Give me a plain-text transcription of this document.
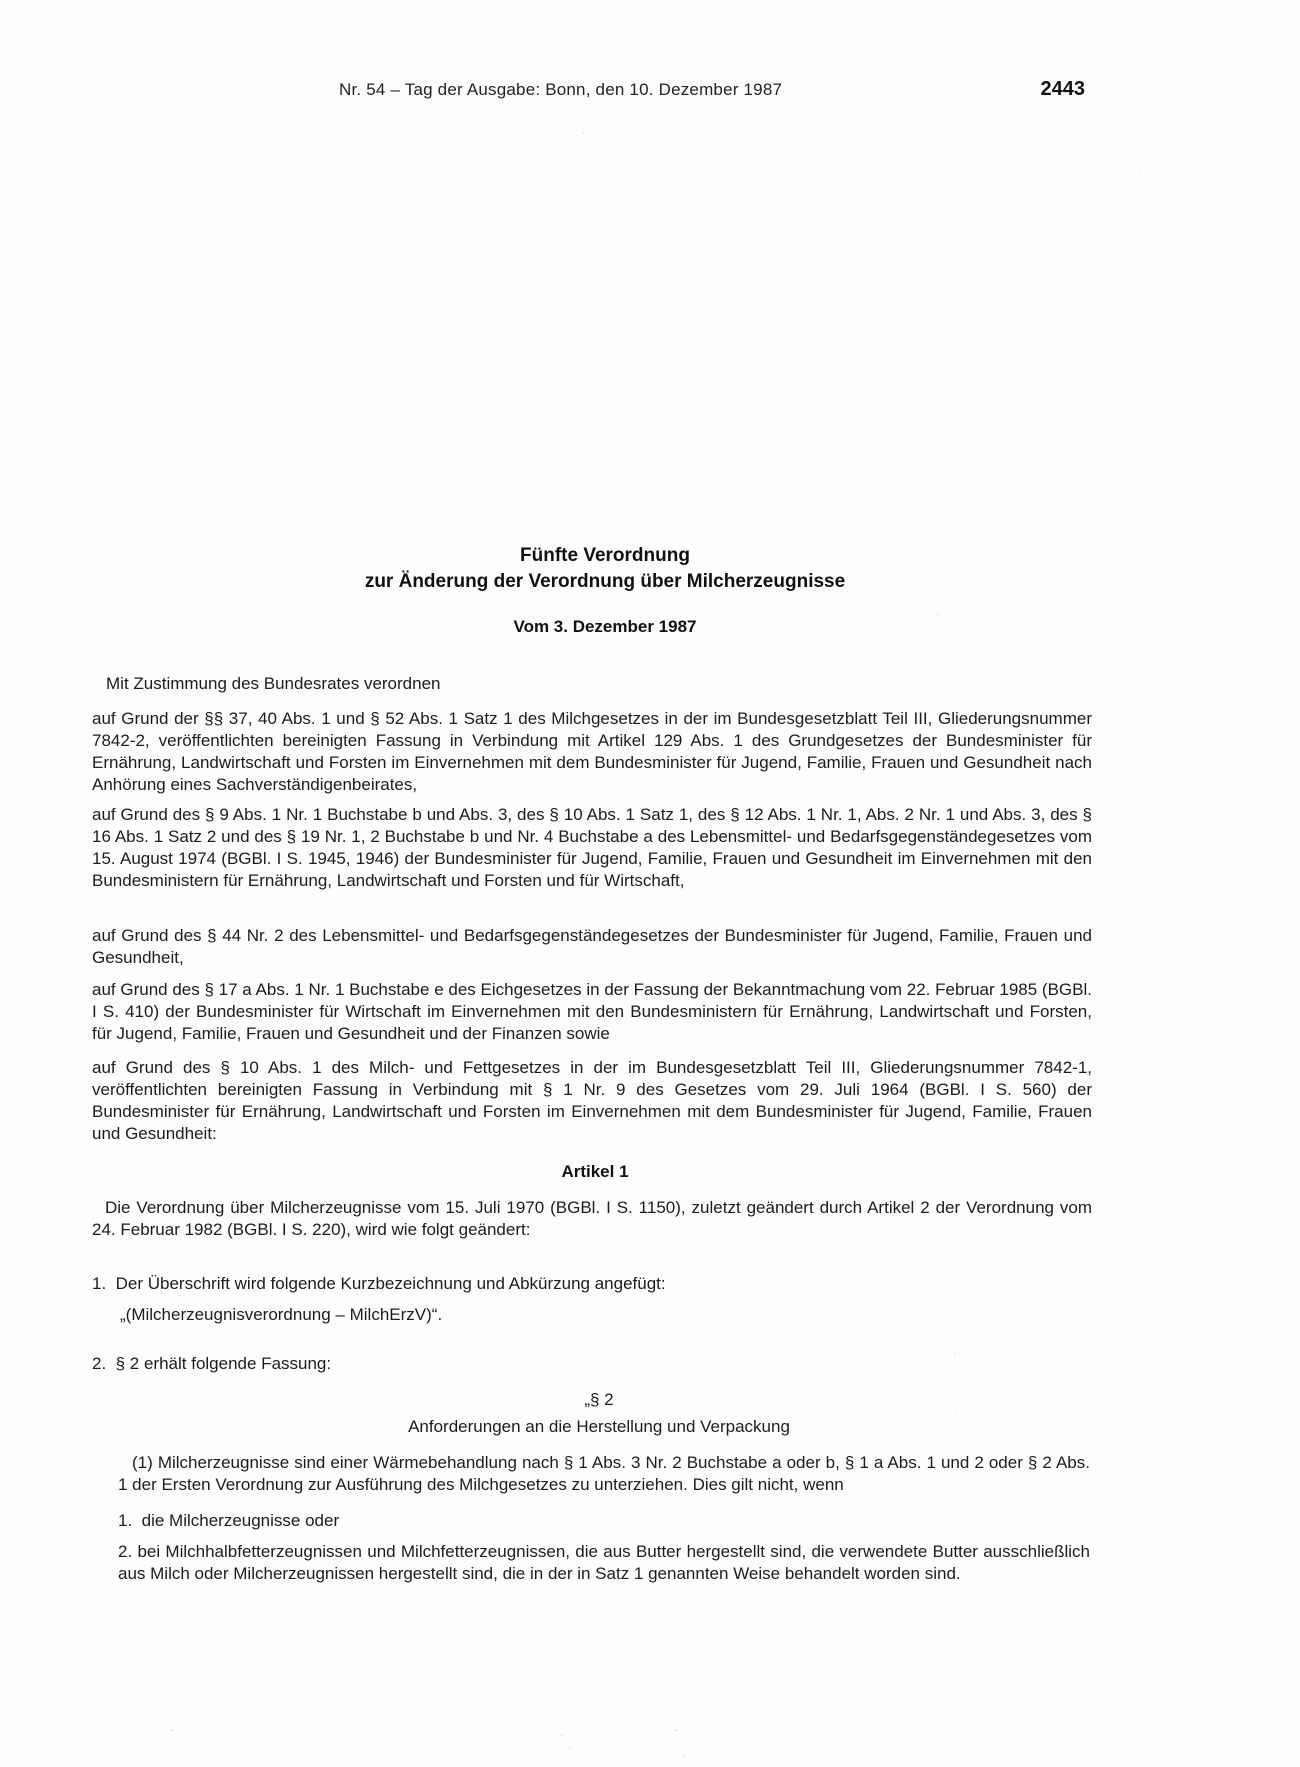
Nr. 54 – Tag der Ausgabe: Bonn, den 10. Dezember 1987	2443
Fünfte Verordnung
zur Änderung der Verordnung über Milcherzeugnisse
Vom 3. Dezember 1987
Mit Zustimmung des Bundesrates verordnen
auf Grund der §§ 37, 40 Abs. 1 und § 52 Abs. 1 Satz 1 des Milchgesetzes in der im Bundesgesetzblatt Teil III, Gliederungsnummer 7842-2, veröffentlichten bereinigten Fassung in Verbindung mit Artikel 129 Abs. 1 des Grundgesetzes der Bundesminister für Ernährung, Landwirtschaft und Forsten im Einvernehmen mit dem Bundesminister für Jugend, Familie, Frauen und Gesundheit nach Anhörung eines Sachverständigenbeirates,
auf Grund des § 9 Abs. 1 Nr. 1 Buchstabe b und Abs. 3, des § 10 Abs. 1 Satz 1, des § 12 Abs. 1 Nr. 1, Abs. 2 Nr. 1 und Abs. 3, des § 16 Abs. 1 Satz 2 und des § 19 Nr. 1, 2 Buchstabe b und Nr. 4 Buchstabe a des Lebensmittel- und Bedarfsgegenständegesetzes vom 15. August 1974 (BGBl. I S. 1945, 1946) der Bundesminister für Jugend, Familie, Frauen und Gesundheit im Einvernehmen mit den Bundesministern für Ernährung, Landwirtschaft und Forsten und für Wirtschaft,
auf Grund des § 44 Nr. 2 des Lebensmittel- und Bedarfsgegenständegesetzes der Bundesminister für Jugend, Familie, Frauen und Gesundheit,
auf Grund des § 17 a Abs. 1 Nr. 1 Buchstabe e des Eichgesetzes in der Fassung der Bekanntmachung vom 22. Februar 1985 (BGBl. I S. 410) der Bundesminister für Wirtschaft im Einvernehmen mit den Bundesministern für Ernährung, Landwirtschaft und Forsten, für Jugend, Familie, Frauen und Gesundheit und der Finanzen sowie
auf Grund des § 10 Abs. 1 des Milch- und Fettgesetzes in der im Bundesgesetzblatt Teil III, Gliederungsnummer 7842-1, veröffentlichten bereinigten Fassung in Verbindung mit § 1 Nr. 9 des Gesetzes vom 29. Juli 1964 (BGBl. I S. 560) der Bundesminister für Ernährung, Landwirtschaft und Forsten im Einvernehmen mit dem Bundesminister für Jugend, Familie, Frauen und Gesundheit:
Artikel 1
Die Verordnung über Milcherzeugnisse vom 15. Juli 1970 (BGBl. I S. 1150), zuletzt geändert durch Artikel 2 der Verordnung vom 24. Februar 1982 (BGBl. I S. 220), wird wie folgt geändert:
1.  Der Überschrift wird folgende Kurzbezeichnung und Abkürzung angefügt:
„(Milcherzeugnisverordnung – MilchErzV)“.
2.  § 2 erhält folgende Fassung:
„§ 2
Anforderungen an die Herstellung und Verpackung
(1) Milcherzeugnisse sind einer Wärmebehandlung nach § 1 Abs. 3 Nr. 2 Buchstabe a oder b, § 1 a Abs. 1 und 2 oder § 2 Abs. 1 der Ersten Verordnung zur Ausführung des Milchgesetzes zu unterziehen. Dies gilt nicht, wenn
1.  die Milcherzeugnisse oder
2. bei Milchhalbfetterzeugnissen und Milchfetterzeugnissen, die aus Butter hergestellt sind, die verwendete Butter ausschließlich aus Milch oder Milcherzeugnissen hergestellt sind, die in der in Satz 1 genannten Weise behandelt worden sind.
